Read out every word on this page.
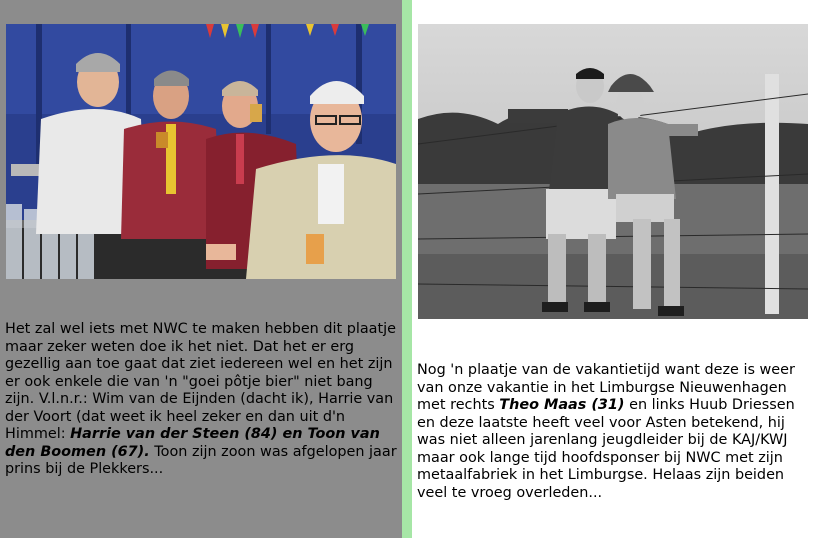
Het zal wel iets met NWC te maken hebben dit plaatje maar zeker weten doe ik het niet. Dat het er erg gezellig aan toe gaat dat ziet iedereen wel en het zijn er ook enkele die van 'n "goei pôtje bier" niet bang zijn. V.l.n.r.: Wim van de Eijnden (dacht ik), Harrie van der Voort (dat weet ik heel zeker en dan uit d'n Himmel: Harrie van der Steen (84) en Toon van den Boomen (67). Toon zijn zoon was afgelopen jaar prins bij de Plekkers...
Nog 'n plaatje van de vakantietijd want deze is weer van onze vakantie in het Limburgse Nieuwenhagen met rechts Theo Maas (31) en links Huub Driessen en deze laatste heeft veel voor Asten betekend, hij was niet alleen jarenlang jeugdleider bij de KAJ/KWJ maar ook lange tijd hoofdsponser bij NWC met zijn metaalfabriek in het Limburgse. Helaas zijn beiden veel te vroeg overleden...
